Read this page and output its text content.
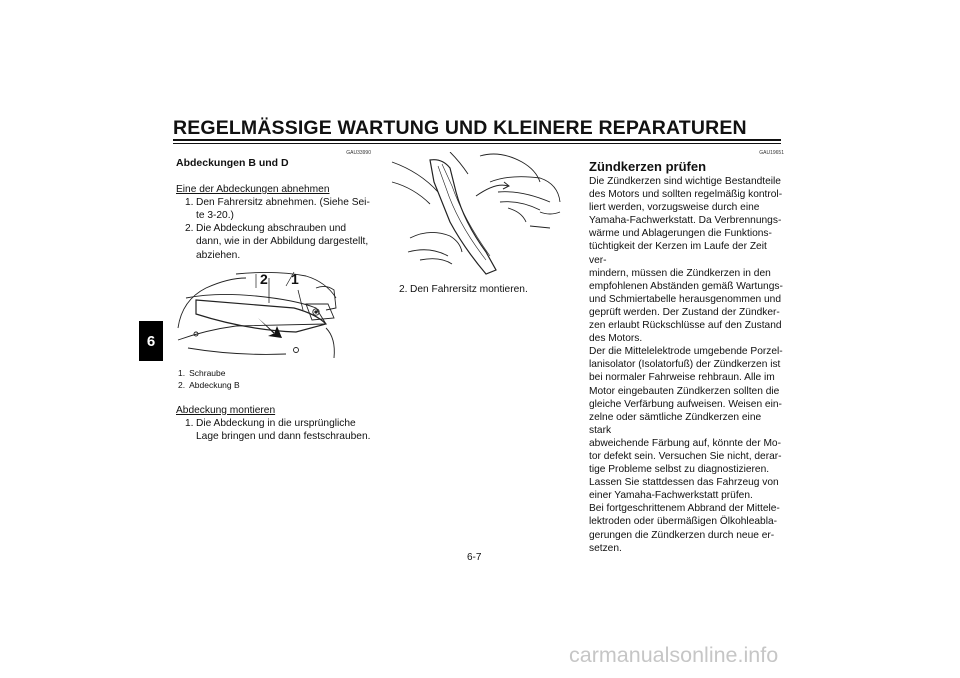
REGELMÄSSIGE WARTUNG UND KLEINERE REPARATUREN
6
GAU33990
Abdeckungen B und D
Eine der Abdeckungen abnehmen
1. Den Fahrersitz abnehmen. (Siehe Sei-
te 3-20.)
2. Die Abdeckung abschrauben und
dann, wie in der Abbildung dargestellt,
abziehen.
2 1
1. Schraube
2. Abdeckung B
Abdeckung montieren
1. Die Abdeckung in die ursprüngliche
Lage bringen und dann festschrauben.
2. Den Fahrersitz montieren.
GAU19651
Zündkerzen prüfen
Die Zündkerzen sind wichtige Bestandteile
des Motors und sollten regelmäßig kontrol-
liert werden, vorzugsweise durch eine
Yamaha-Fachwerkstatt. Da Verbrennungs-
wärme und Ablagerungen die Funktions-
tüchtigkeit der Kerzen im Laufe der Zeit ver-
mindern, müssen die Zündkerzen in den
empfohlenen Abständen gemäß Wartungs-
und Schmiertabelle herausgenommen und
geprüft werden. Der Zustand der Zündker-
zen erlaubt Rückschlüsse auf den Zustand
des Motors.
Der die Mittelelektrode umgebende Porzel-
lanisolator (Isolatorfuß) der Zündkerzen ist
bei normaler Fahrweise rehbraun. Alle im
Motor eingebauten Zündkerzen sollten die
gleiche Verfärbung aufweisen. Weisen ein-
zelne oder sämtliche Zündkerzen eine stark
abweichende Färbung auf, könnte der Mo-
tor defekt sein. Versuchen Sie nicht, derar-
tige Probleme selbst zu diagnostizieren.
Lassen Sie stattdessen das Fahrzeug von
einer Yamaha-Fachwerkstatt prüfen.
Bei fortgeschrittenem Abbrand der Mittele-
lektroden oder übermäßigen Ölkohleabla-
gerungen die Zündkerzen durch neue er-
setzen.
6-7
carmanualsonline.info
